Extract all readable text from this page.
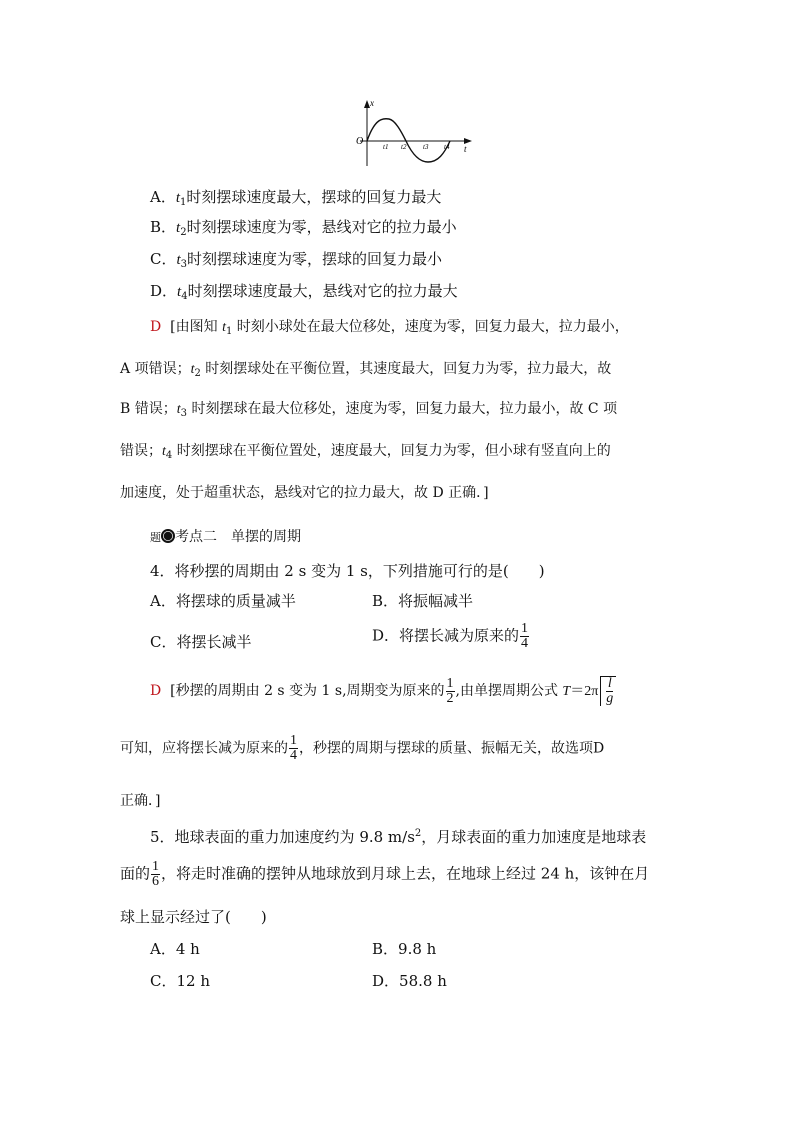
x
O
t
t1 t2 t3 t4
A．$t_1$时刻摆球速度最大，摆球的回复力最大
B．$t_2$时刻摆球速度为零，悬线对它的拉力最小
C．$t_3$时刻摆球速度为零，摆球的回复力最小
D．$t_4$时刻摆球速度最大，悬线对它的拉力最大
D [由图知 $t_1$ 时刻小球处在最大位移处，速度为零，回复力最大，拉力最小，
A 项错误；$t_2$ 时刻摆球处在平衡位置，其速度最大，回复力为零，拉力最大，故
B 错误；$t_3$ 时刻摆球在最大位移处，速度为零，回复力最大，拉力最小，故 C 项
错误；$t_4$ 时刻摆球在平衡位置处，速度最大，回复力为零，但小球有竖直向上的
加速度，处于超重状态，悬线对它的拉力最大，故 D 正确．]
题 考点二　单摆的周期
4．将秒摆的周期由 2 s 变为 1 s，下列措施可行的是(　　)
A．将摆球的质量减半	B．将振幅减半
C．将摆长减半	D．将摆长减为原来的 $\frac{1}{4}$
D [秒摆的周期由 2 s 变为 1 s,周期变为原来的 $\frac{1}{2}$ ,由单摆周期公式 $T=2\pi \frac{l}{g}$
可知，应将摆长减为原来的 $\frac{1}{4}$ ，秒摆的周期与摆球的质量、振幅无关，故选项D
正确．]
5．地球表面的重力加速度约为 9.8 $m/s^2$，月球表面的重力加速度是地球表
面的 $\frac{1}{6}$ ，将走时准确的摆钟从地球放到月球上去，在地球上经过 24 h，该钟在月
球上显示经过了(　　)
A．4 h	B．9.8 h
C．12 h	D．58.8 h
